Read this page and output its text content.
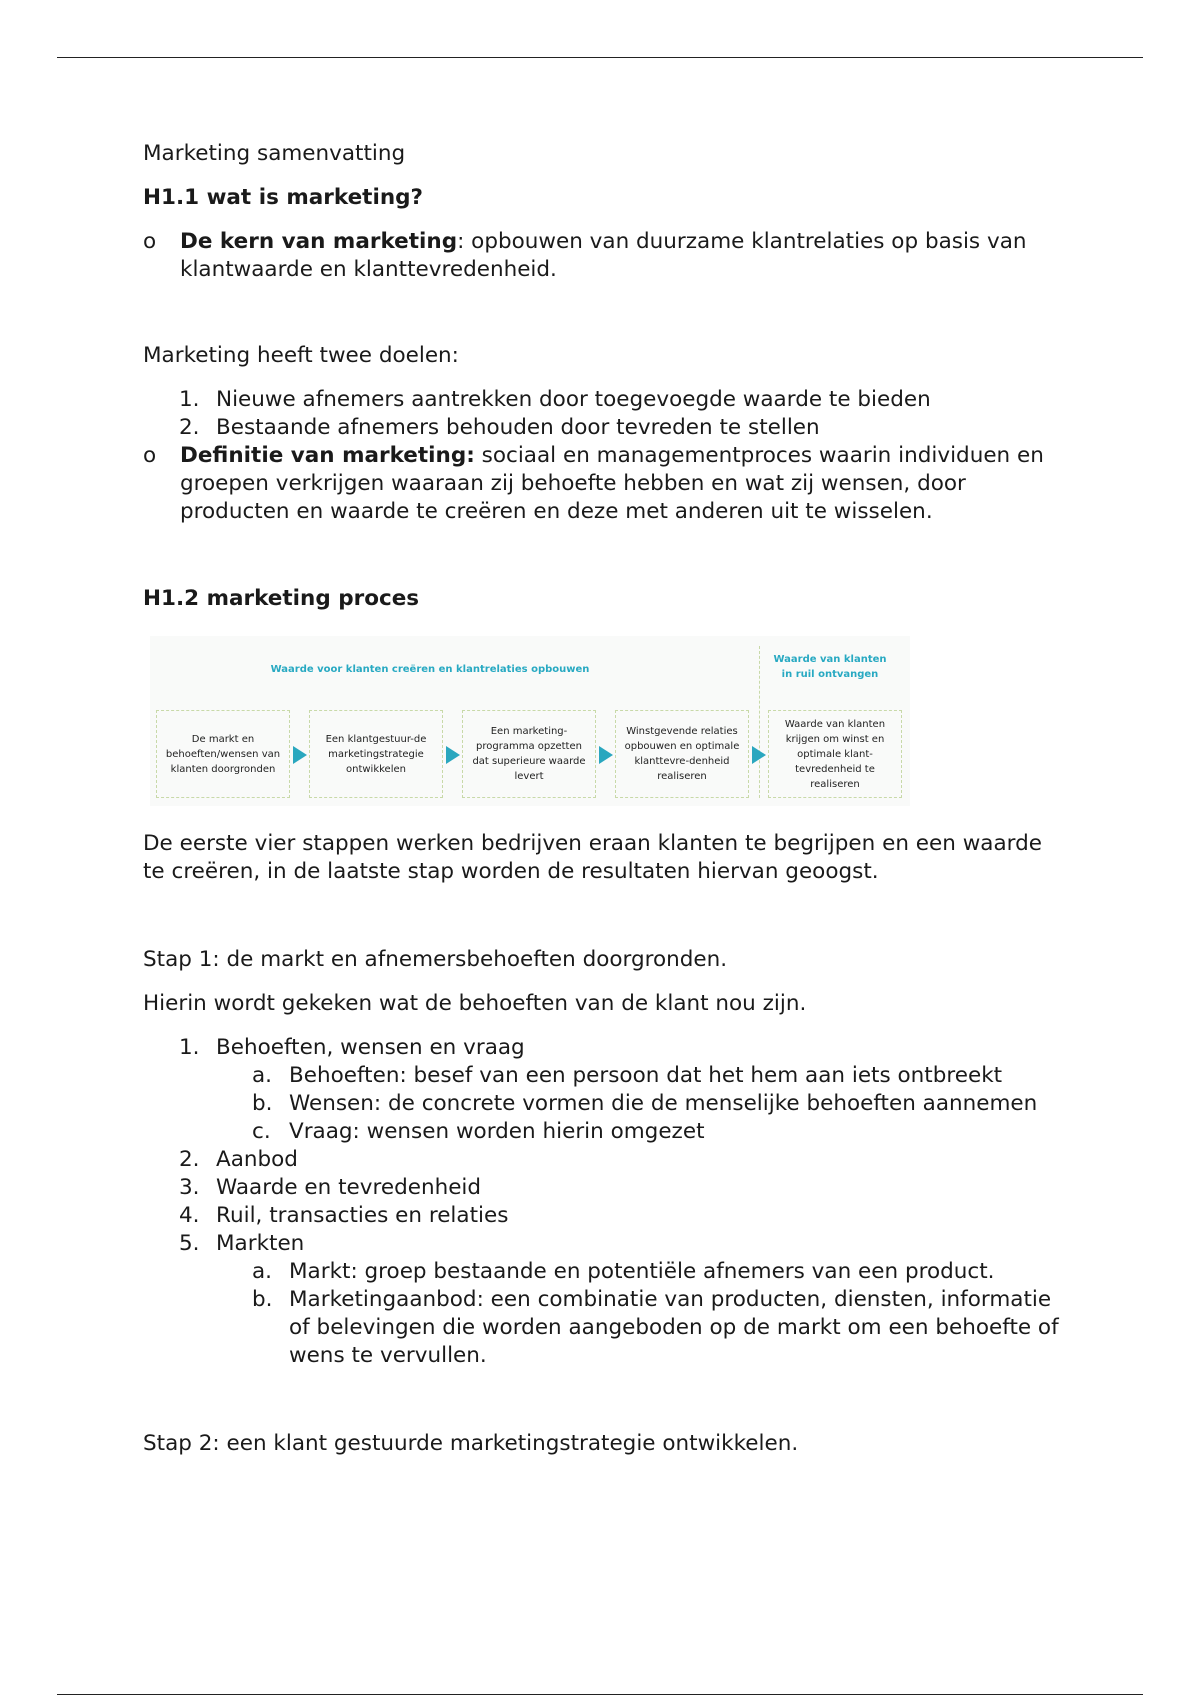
Marketing samenvatting

H1.1 wat is marketing?

o De kern van marketing: opbouwen van duurzame klantrelaties op basis van klantwaarde en klanttevredenheid.

Marketing heeft twee doelen:

1. Nieuwe afnemers aantrekken door toegevoegde waarde te bieden
2. Bestaande afnemers behouden door tevreden te stellen
o Definitie van marketing: sociaal en managementproces waarin individuen en groepen verkrijgen waaraan zij behoefte hebben en wat zij wensen, door producten en waarde te creëren en deze met anderen uit te wisselen.

H1.2 marketing proces

Waarde voor klanten creëren en klantrelaties opbouwen
Waarde van klanten in ruil ontvangen
De markt en behoeften/wensen van klanten doorgronden
Een klantgestuur-de marketingstrategie ontwikkelen
Een marketing-programma opzetten dat superieure waarde levert
Winstgevende relaties opbouwen en optimale klanttevre-denheid realiseren
Waarde van klanten krijgen om winst en optimale klant-tevredenheid te realiseren

De eerste vier stappen werken bedrijven eraan klanten te begrijpen en een waarde te creëren, in de laatste stap worden de resultaten hiervan geoogst.

Stap 1: de markt en afnemersbehoeften doorgronden.

Hierin wordt gekeken wat de behoeften van de klant nou zijn.

1. Behoeften, wensen en vraag
a. Behoeften: besef van een persoon dat het hem aan iets ontbreekt
b. Wensen: de concrete vormen die de menselijke behoeften aannemen
c. Vraag: wensen worden hierin omgezet
2. Aanbod
3. Waarde en tevredenheid
4. Ruil, transacties en relaties
5. Markten
a. Markt: groep bestaande en potentiële afnemers van een product.
b. Marketingaanbod: een combinatie van producten, diensten, informatie of belevingen die worden aangeboden op de markt om een behoefte of wens te vervullen.

Stap 2: een klant gestuurde marketingstrategie ontwikkelen.
